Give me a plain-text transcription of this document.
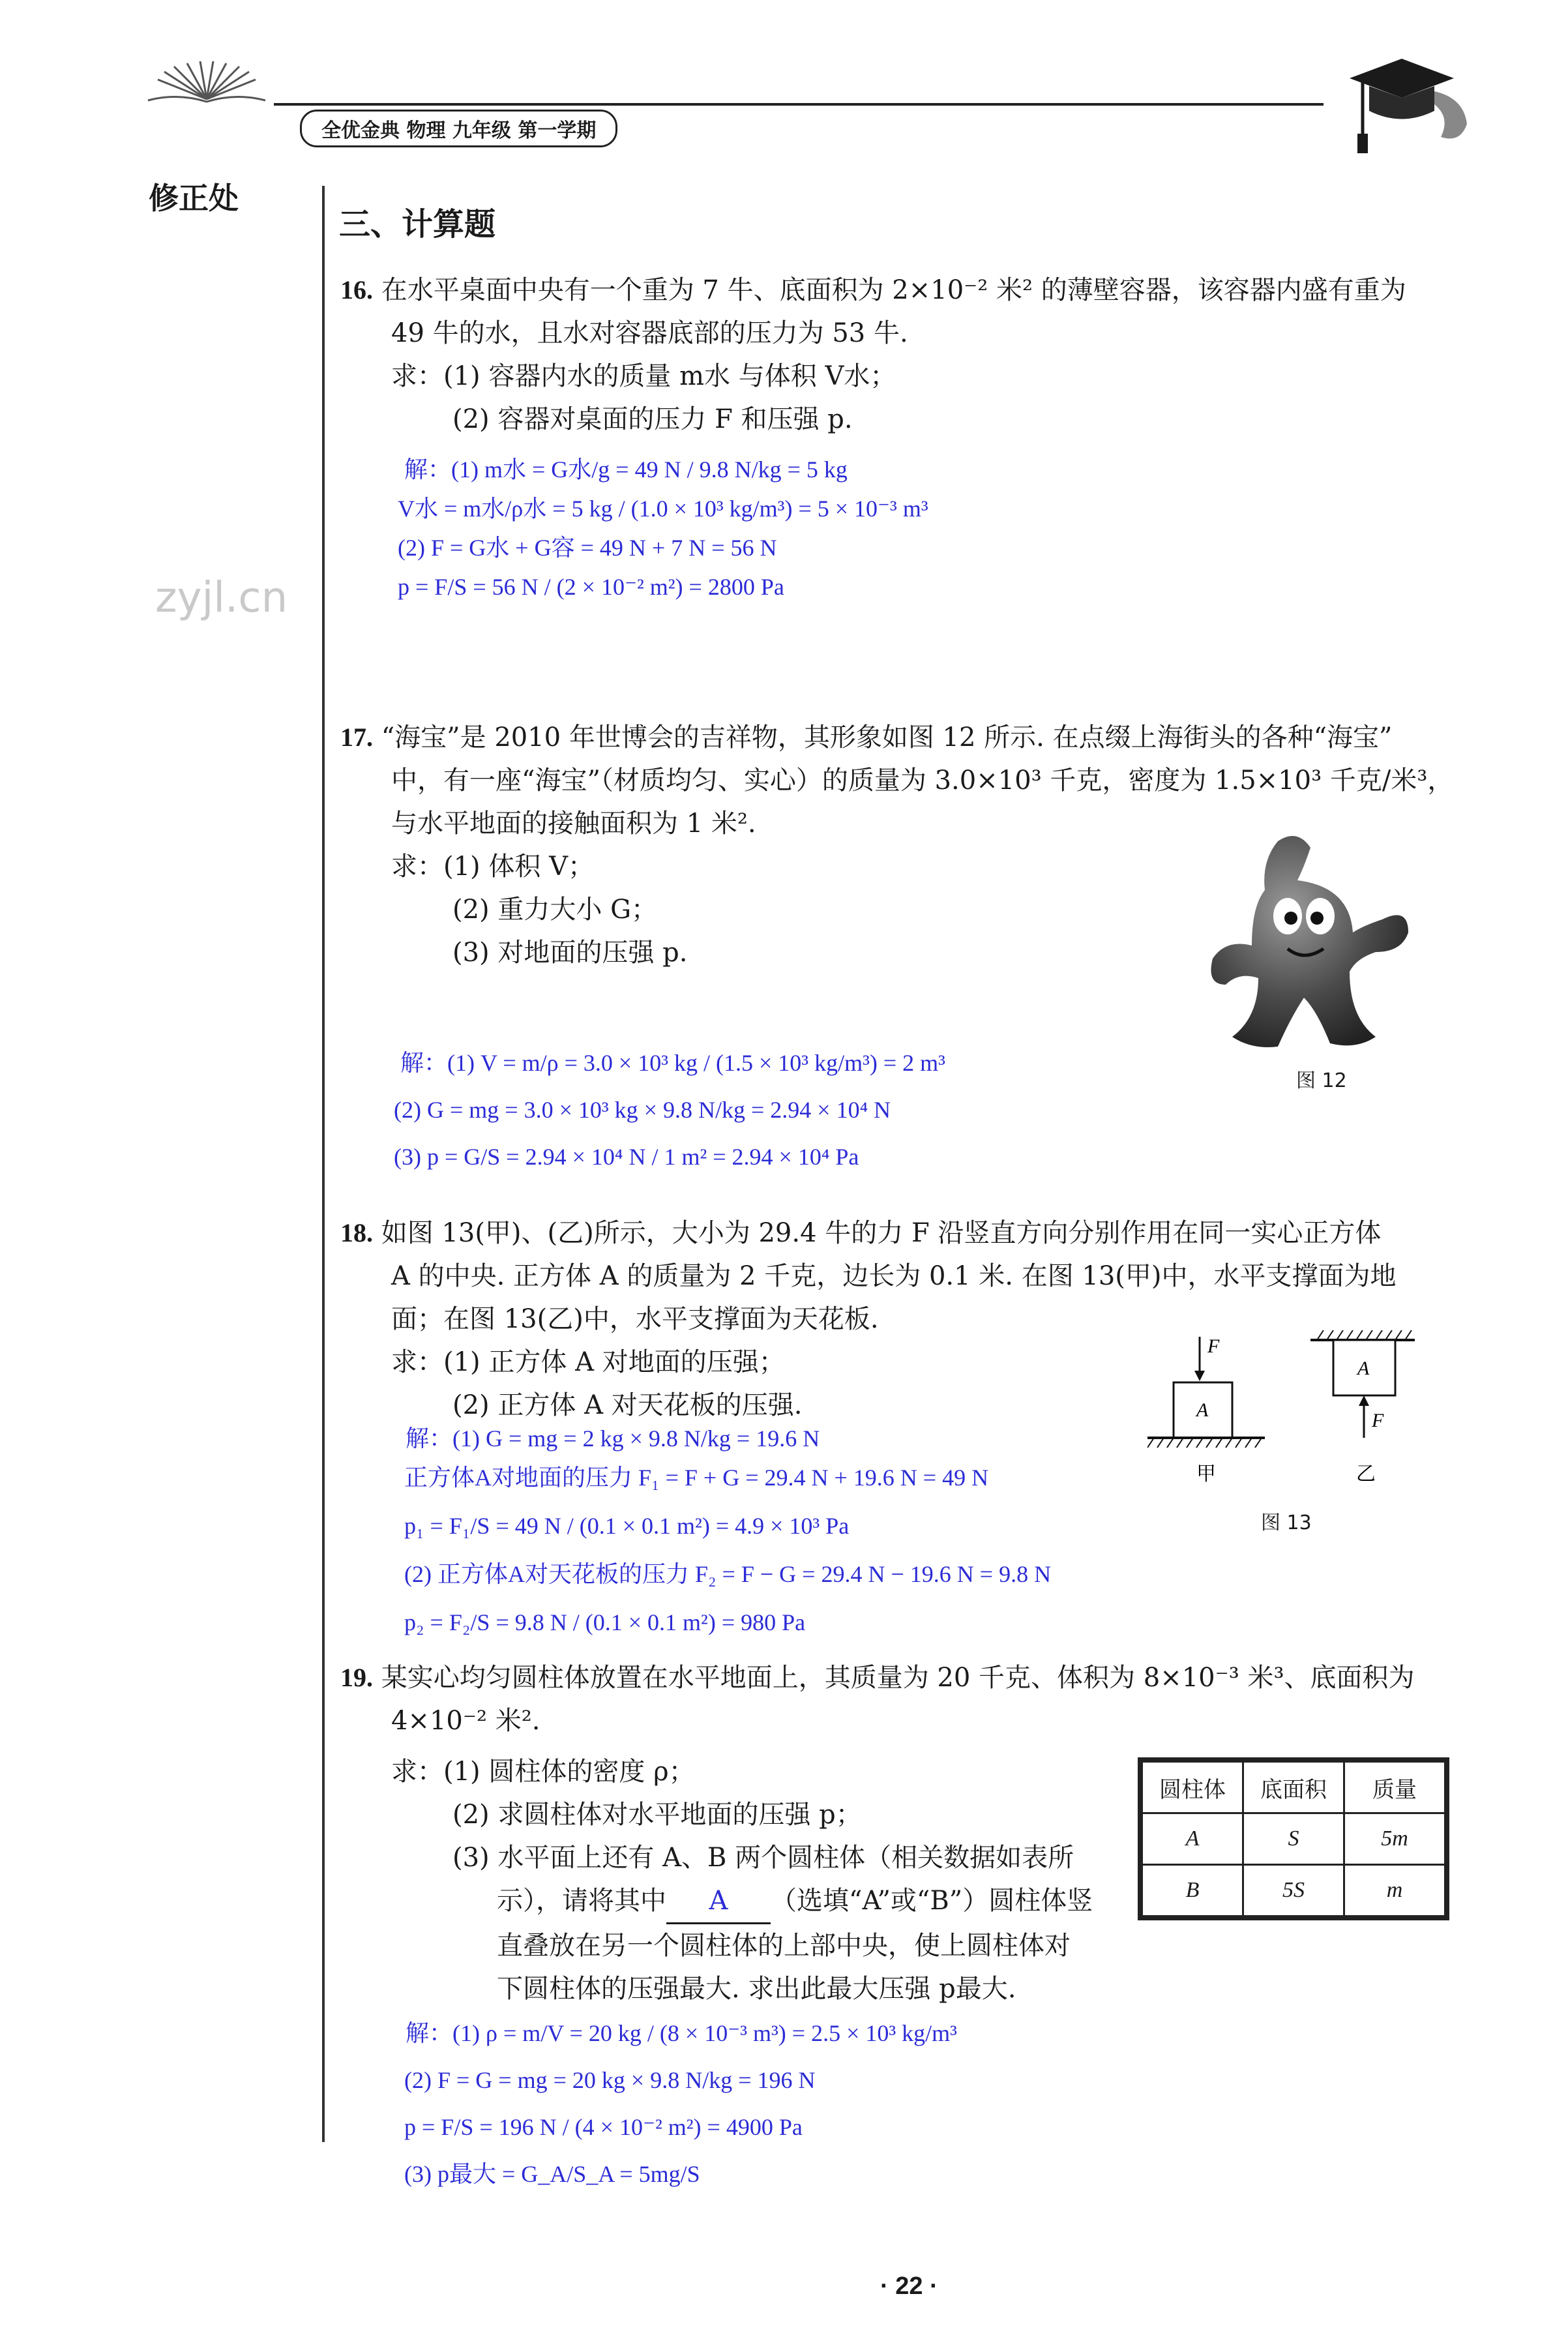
全优金典 物理 九年级 第一学期
修正处
zyjl.cn
三、计算题
16. 在水平桌面中央有一个重为 7 牛、底面积为 2×10⁻² 米² 的薄壁容器，该容器内盛有重为
49 牛的水，且水对容器底部的压力为 53 牛.
求：(1) 容器内水的质量 m水 与体积 V水；
(2) 容器对桌面的压力 F 和压强 p.
解：(1) m水 = G水/g = 49 N / 9.8 N/kg = 5 kg
V水 = m水/ρ水 = 5 kg / (1.0 × 10³ kg/m³) = 5 × 10⁻³ m³
(2) F = G水 + G容 = 49 N + 7 N = 56 N
p = F/S = 56 N / (2 × 10⁻² m²) = 2800 Pa
17. “海宝”是 2010 年世博会的吉祥物，其形象如图 12 所示. 在点缀上海街头的各种“海宝”
中，有一座“海宝”（材质均匀、实心）的质量为 3.0×10³ 千克，密度为 1.5×10³ 千克/米³，
与水平地面的接触面积为 1 米².
求：(1) 体积 V；
(2) 重力大小 G；
(3) 对地面的压强 p.
图 12
解：(1) V = m/ρ = 3.0 × 10³ kg / (1.5 × 10³ kg/m³) = 2 m³
(2) G = mg = 3.0 × 10³ kg × 9.8 N/kg = 2.94 × 10⁴ N
(3) p = G/S = 2.94 × 10⁴ N / 1 m² = 2.94 × 10⁴ Pa
18. 如图 13(甲)、(乙)所示，大小为 29.4 牛的力 F 沿竖直方向分别作用在同一实心正方体
A 的中央. 正方体 A 的质量为 2 千克，边长为 0.1 米. 在图 13(甲)中，水平支撑面为地
面；在图 13(乙)中，水平支撑面为天花板.
求：(1) 正方体 A 对地面的压强；
(2) 正方体 A 对天花板的压强.
F
A
A
F
甲	乙
图 13
解：(1) G = mg = 2 kg × 9.8 N/kg = 19.6 N
正方体A对地面的压力 F₁ = F + G = 29.4 N + 19.6 N = 49 N
p₁ = F₁/S = 49 N / (0.1 × 0.1 m²) = 4.9 × 10³ Pa
(2) 正方体A对天花板的压力 F₂ = F − G = 29.4 N − 19.6 N = 9.8 N
p₂ = F₂/S = 9.8 N / (0.1 × 0.1 m²) = 980 Pa
19. 某实心均匀圆柱体放置在水平地面上，其质量为 20 千克、体积为 8×10⁻³ 米³、底面积为
4×10⁻² 米².
求：(1) 圆柱体的密度 ρ；
(2) 求圆柱体对水平地面的压强 p；
(3) 水平面上还有 A、B 两个圆柱体（相关数据如表所
示），请将其中 A （选填“A”或“B”）圆柱体竖
直叠放在另一个圆柱体的上部中央，使上圆柱体对
下圆柱体的压强最大. 求出此最大压强 p最大.
圆柱体	底面积	质量
A	S	5m
B	5S	m
解：(1) ρ = m/V = 20 kg / (8 × 10⁻³ m³) = 2.5 × 10³ kg/m³
(2) F = G = mg = 20 kg × 9.8 N/kg = 196 N
p = F/S = 196 N / (4 × 10⁻² m²) = 4900 Pa
(3) p最大 = G_A/S_A = 5mg/S
· 22 ·
